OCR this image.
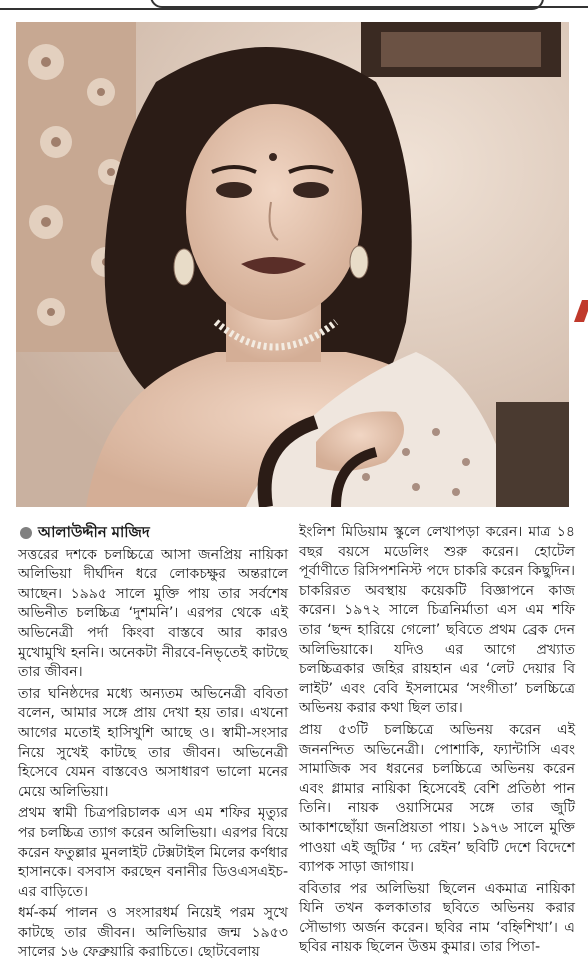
আলাউদ্দীন মাজিদ

সত্তরের দশকে চলচ্চিত্রে আসা জনপ্রিয় নায়িকা অলিভিয়া দীর্ঘদিন ধরে লোকচক্ষুর অন্তরালে আছেন। ১৯৯৫ সালে মুক্তি পায় তার সর্বশেষ অভিনীত চলচ্চিত্র ‘দুশমনি’। এরপর থেকে এই অভিনেত্রী পর্দা কিংবা বাস্তবে আর কারও মুখোমুখি হননি। অনেকটা নীরবে-নিভৃতেই কাটছে তার জীবন।

তার ঘনিষ্ঠদের মধ্যে অন্যতম অভিনেত্রী ববিতা বলেন, আমার সঙ্গে প্রায় দেখা হয় তার। এখনো আগের মতোই হাসিখুশি আছে ও। স্বামী-সংসার নিয়ে সুখেই কাটছে তার জীবন। অভিনেত্রী হিসেবে যেমন বাস্তবেও অসাধারণ ভালো মনের মেয়ে অলিভিয়া।

প্রথম স্বামী চিত্রপরিচালক এস এম শফির মৃত্যুর পর চলচ্চিত্র ত্যাগ করেন অলিভিয়া। এরপর বিয়ে করেন ফতুল্লার মুনলাইট টেক্সটাইল মিলের কর্ণধার হাসানকে। বসবাস করছেন বনানীর ডিওএসএইচ-এর বাড়িতে।

ধর্ম-কর্ম পালন ও সংসারধর্ম নিয়েই পরম সুখে কাটছে তার জীবন। অলিভিয়ার জন্ম ১৯৫৩ সালের ১৬ ফেব্রুয়ারি করাচিতে। ছোটবেলায়

ইংলিশ মিডিয়াম স্কুলে লেখাপড়া করেন। মাত্র ১৪ বছর বয়সে মডেলিং শুরু করেন। হোটেল পূর্বাণীতে রিসিপশনিস্ট পদে চাকরি করেন কিছুদিন। চাকরিরত অবস্থায় কয়েকটি বিজ্ঞাপনে কাজ করেন। ১৯৭২ সালে চিত্রনির্মাতা এস এম শফি তার ‘ছন্দ হারিয়ে গেলো’ ছবিতে প্রথম ব্রেক দেন অলিভিয়াকে। যদিও এর আগে প্রখ্যাত চলচ্চিত্রকার জহির রায়হান এর ‘লেট দেয়ার বি লাইট’ এবং বেবি ইসলামের ‘সংগীতা’ চলচ্চিত্রে অভিনয় করার কথা ছিল তার।

প্রায় ৫৩টি চলচ্চিত্রে অভিনয় করেন এই জননন্দিত অভিনেত্রী। পোশাকি, ফ্যান্টাসি এবং সামাজিক সব ধরনের চলচ্চিত্রে অভিনয় করেন এবং গ্লামার নায়িকা হিসেবেই বেশি প্রতিষ্ঠা পান তিনি। নায়ক ওয়াসিমের সঙ্গে তার জুটি আকাশছোঁয়া জনপ্রিয়তা পায়। ১৯৭৬ সালে মুক্তি পাওয়া এই জুটির ‘ দ্য রেইন’ ছবিটি দেশে বিদেশে ব্যাপক সাড়া জাগায়।

ববিতার পর অলিভিয়া ছিলেন একমাত্র নায়িকা যিনি তখন কলকাতার ছবিতে অভিনয় করার সৌভাগ্য অর্জন করেন। ছবির নাম ‘বহ্নিশিখা’। এ ছবির নায়ক ছিলেন উত্তম কুমার। তার পিতা-
